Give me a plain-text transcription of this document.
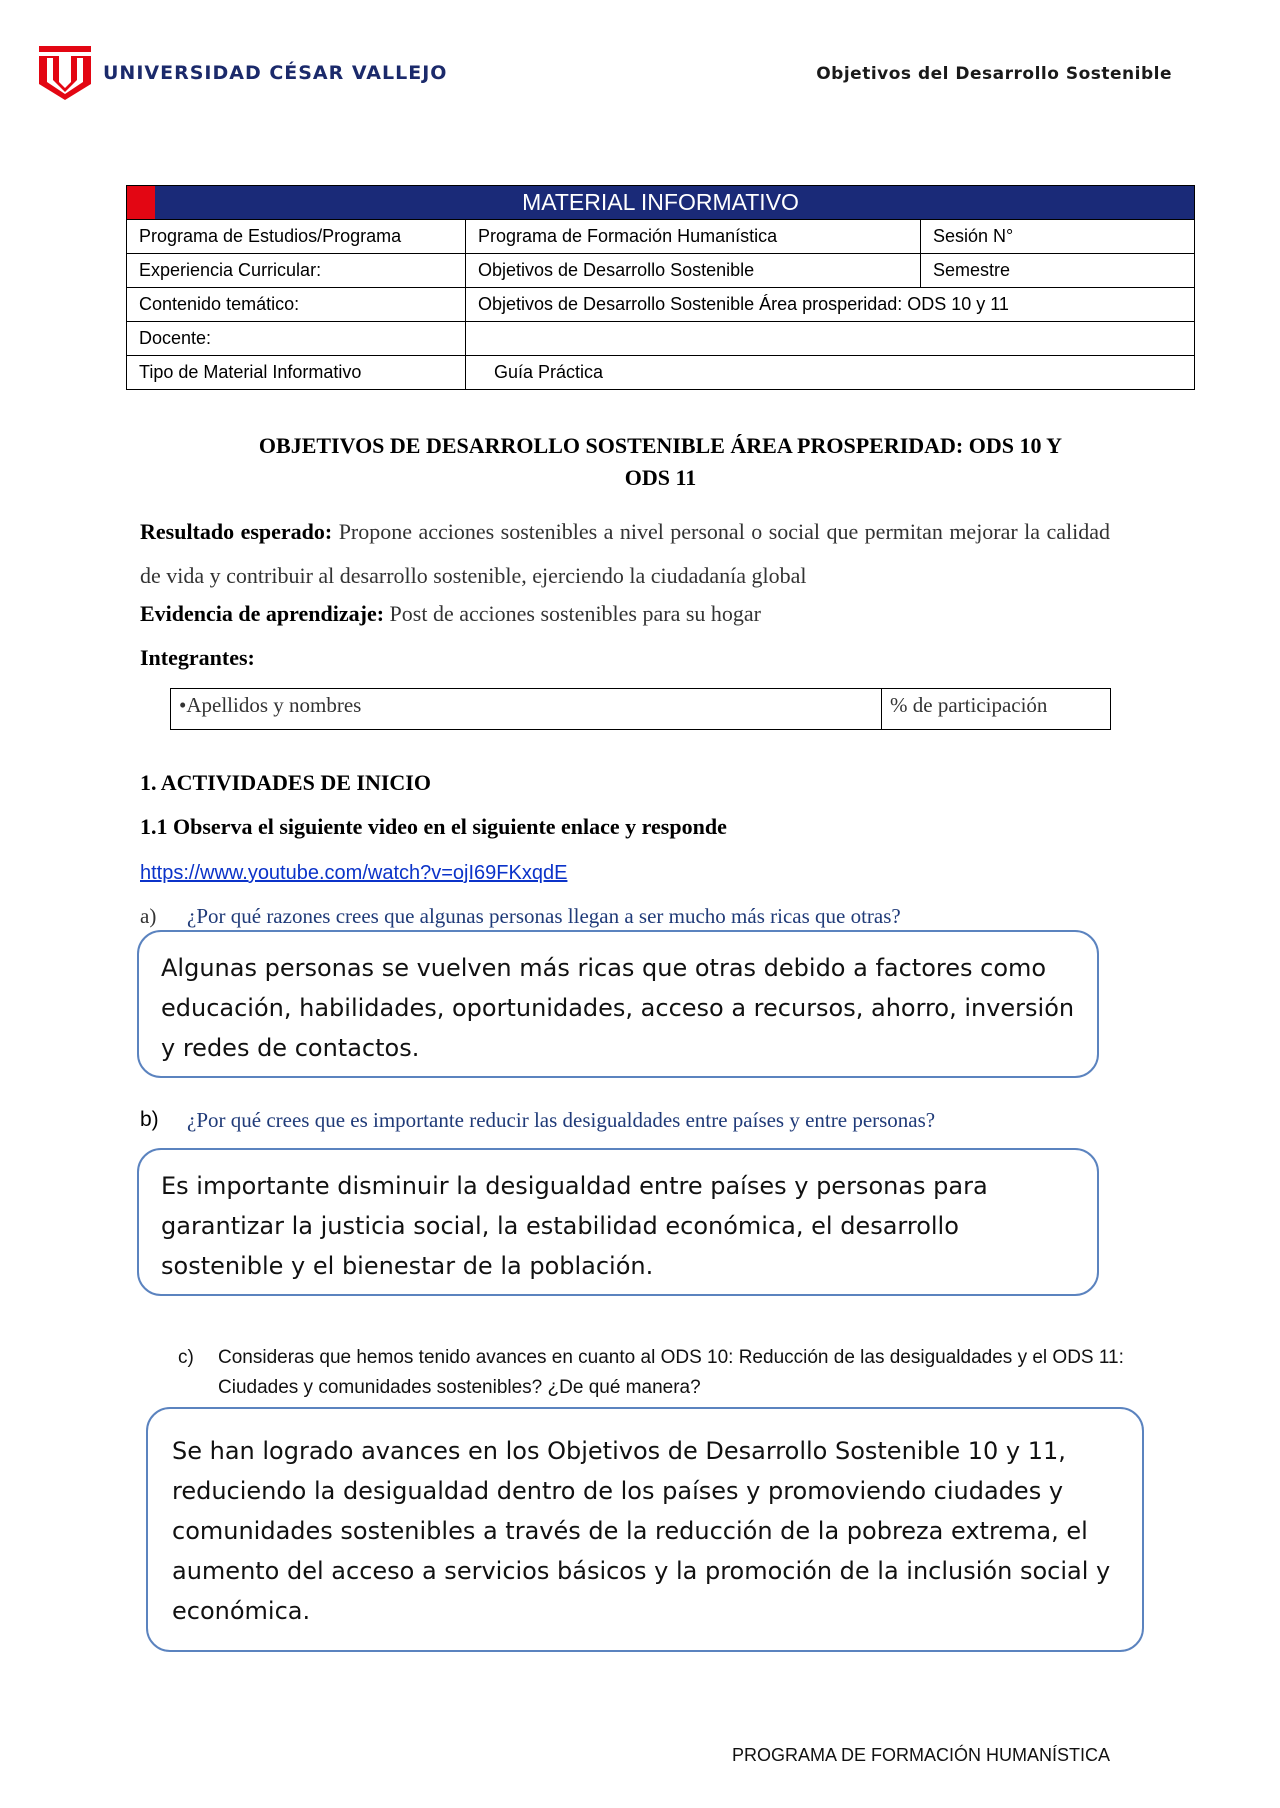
UNIVERSIDAD CÉSAR VALLEJO	Objetivos del Desarrollo Sostenible
MATERIAL INFORMATIVO		
Programa de Estudios/Programa	Programa de Formación Humanística	Sesión N°
Experiencia Curricular:	Objetivos de Desarrollo Sostenible	Semestre
Contenido temático:	Objetivos de Desarrollo Sostenible Área prosperidad: ODS 10 y 11	
Docente:		
Tipo de Material Informativo	Guía Práctica	
OBJETIVOS DE DESARROLLO SOSTENIBLE ÁREA PROSPERIDAD: ODS 10 Y
ODS 11
Resultado esperado: Propone acciones sostenibles a nivel personal o social que permitan mejorar la calidad de vida y contribuir al desarrollo sostenible, ejerciendo la ciudadanía global
Evidencia de aprendizaje: Post de acciones sostenibles para su hogar
Integrantes:
•Apellidos y nombres	% de participación
1. ACTIVIDADES DE INICIO
1.1 Observa el siguiente video en el siguiente enlace y responde
https://www.youtube.com/watch?v=ojI69FKxqdE
a) ¿Por qué razones crees que algunas personas llegan a ser mucho más ricas que otras?
Algunas personas se vuelven más ricas que otras debido a factores como educación, habilidades, oportunidades, acceso a recursos, ahorro, inversión y redes de contactos.
b) ¿Por qué crees que es importante reducir las desigualdades entre países y entre personas?
Es importante disminuir la desigualdad entre países y personas para garantizar la justicia social, la estabilidad económica, el desarrollo sostenible y el bienestar de la población.
c) Consideras que hemos tenido avances en cuanto al ODS 10: Reducción de las desigualdades y el ODS 11: Ciudades y comunidades sostenibles? ¿De qué manera?
Se han logrado avances en los Objetivos de Desarrollo Sostenible 10 y 11, reduciendo la desigualdad dentro de los países y promoviendo ciudades y comunidades sostenibles a través de la reducción de la pobreza extrema, el aumento del acceso a servicios básicos y la promoción de la inclusión social y económica.
PROGRAMA DE FORMACIÓN HUMANÍSTICA
